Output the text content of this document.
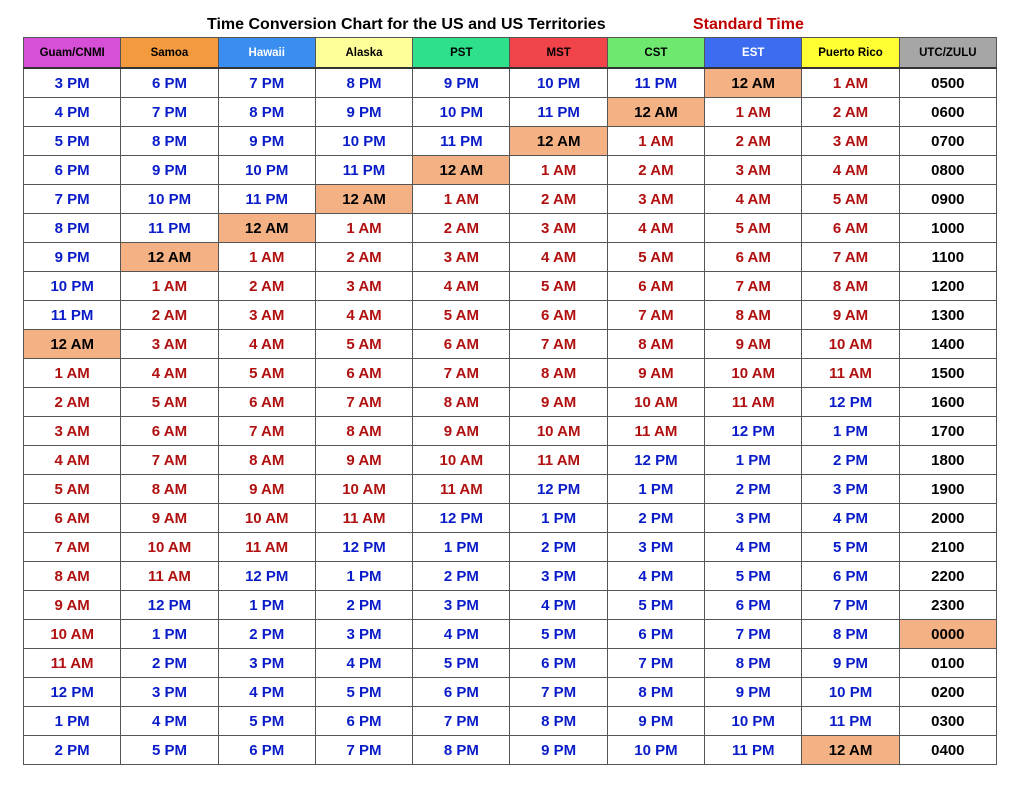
Time Conversion Chart for the US and US Territories	Standard Time
Guam/CNMI	Samoa	Hawaii	Alaska	PST	MST	CST	EST	Puerto Rico	UTC/ZULU
3 PM	6 PM	7 PM	8 PM	9 PM	10 PM	11 PM	12 AM	1 AM	0500
4 PM	7 PM	8 PM	9 PM	10 PM	11 PM	12 AM	1 AM	2 AM	0600
5 PM	8 PM	9 PM	10 PM	11 PM	12 AM	1 AM	2 AM	3 AM	0700
6 PM	9 PM	10 PM	11 PM	12 AM	1 AM	2 AM	3 AM	4 AM	0800
7 PM	10 PM	11 PM	12 AM	1 AM	2 AM	3 AM	4 AM	5 AM	0900
8 PM	11 PM	12 AM	1 AM	2 AM	3 AM	4 AM	5 AM	6 AM	1000
9 PM	12 AM	1 AM	2 AM	3 AM	4 AM	5 AM	6 AM	7 AM	1100
10 PM	1 AM	2 AM	3 AM	4 AM	5 AM	6 AM	7 AM	8 AM	1200
11 PM	2 AM	3 AM	4 AM	5 AM	6 AM	7 AM	8 AM	9 AM	1300
12 AM	3 AM	4 AM	5 AM	6 AM	7 AM	8 AM	9 AM	10 AM	1400
1 AM	4 AM	5 AM	6 AM	7 AM	8 AM	9 AM	10 AM	11 AM	1500
2 AM	5 AM	6 AM	7 AM	8 AM	9 AM	10 AM	11 AM	12 PM	1600
3 AM	6 AM	7 AM	8 AM	9 AM	10 AM	11 AM	12 PM	1 PM	1700
4 AM	7 AM	8 AM	9 AM	10 AM	11 AM	12 PM	1 PM	2 PM	1800
5 AM	8 AM	9 AM	10 AM	11 AM	12 PM	1 PM	2 PM	3 PM	1900
6 AM	9 AM	10 AM	11 AM	12 PM	1 PM	2 PM	3 PM	4 PM	2000
7 AM	10 AM	11 AM	12 PM	1 PM	2 PM	3 PM	4 PM	5 PM	2100
8 AM	11 AM	12 PM	1 PM	2 PM	3 PM	4 PM	5 PM	6 PM	2200
9 AM	12 PM	1 PM	2 PM	3 PM	4 PM	5 PM	6 PM	7 PM	2300
10 AM	1 PM	2 PM	3 PM	4 PM	5 PM	6 PM	7 PM	8 PM	0000
11 AM	2 PM	3 PM	4 PM	5 PM	6 PM	7 PM	8 PM	9 PM	0100
12 PM	3 PM	4 PM	5 PM	6 PM	7 PM	8 PM	9 PM	10 PM	0200
1 PM	4 PM	5 PM	6 PM	7 PM	8 PM	9 PM	10 PM	11 PM	0300
2 PM	5 PM	6 PM	7 PM	8 PM	9 PM	10 PM	11 PM	12 AM	0400
